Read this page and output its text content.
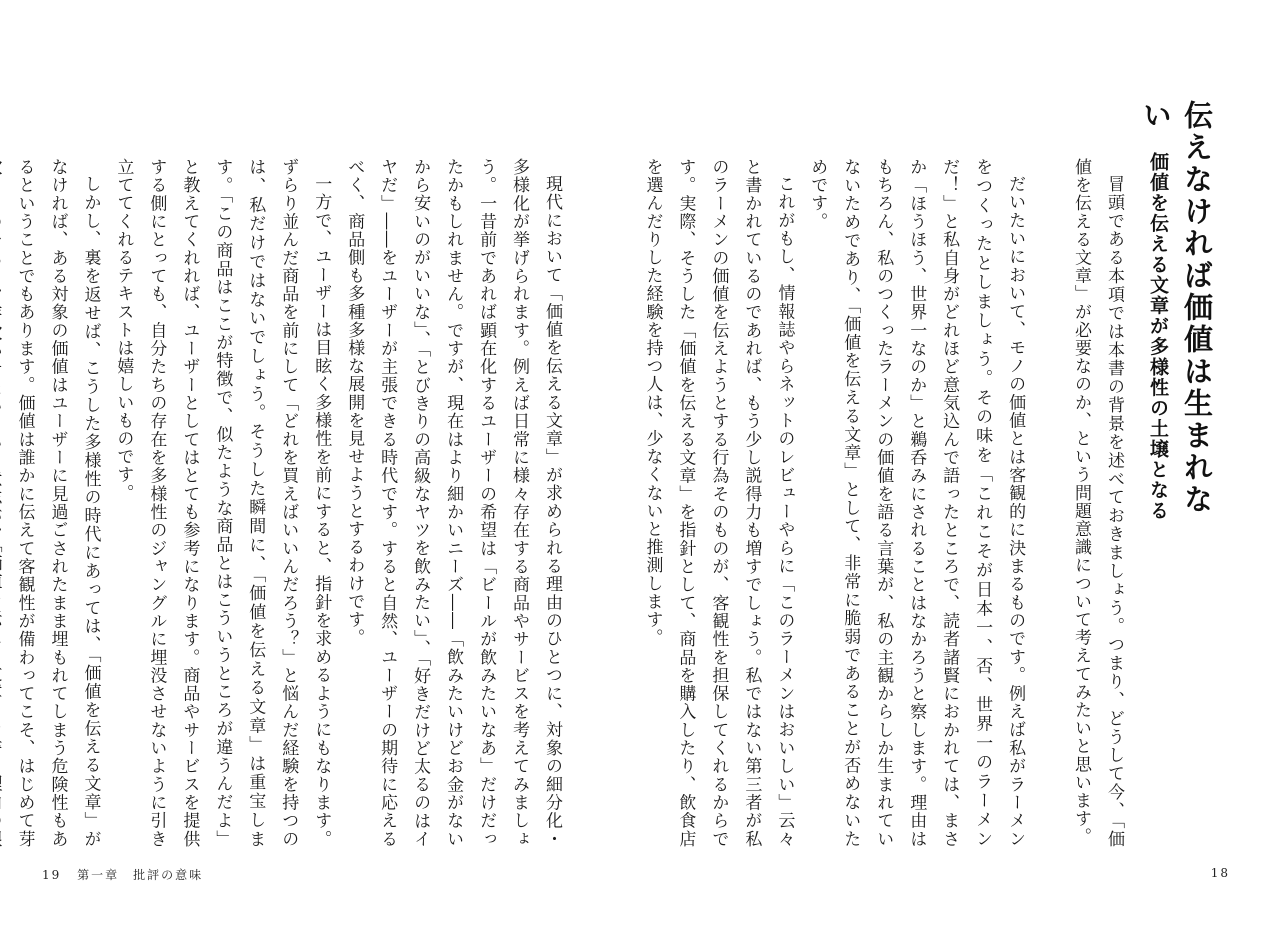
現代において「価値を伝える文章」が求められる理由のひとつに、対象の細分化・多様化が挙げられます。例えば日常に様々存在する商品やサービスを考えてみましょう。一昔前であれば顕在化するユーザーの希望は「ビールが飲みたいなあ」だけだったかもしれません。ですが、現在はより細かいニーズ――「飲みたいけどお金がないから安いのがいいな」、「とびきりの高級なヤツを飲みたい」、「好きだけど太るのはイヤだ」――をユーザーが主張できる時代です。すると自然、ユーザーの期待に応えるべく、商品側も多種多様な展開を見せようとするわけです。

一方で、ユーザーは目眩く多様性を前にすると、指針を求めるようにもなります。ずらり並んだ商品を前にして「どれを買えばいいんだろう？」と悩んだ経験を持つのは、私だけではないでしょう。そうした瞬間に、「価値を伝える文章」は重宝します。「この商品はここが特徴で、似たような商品とはこういうところが違うんだよ」と教えてくれれば、ユーザーとしてはとても参考になります。商品やサービスを提供する側にとっても、自分たちの存在を多様性のジャングルに埋没させないように引き立ててくれるテキストは嬉しいものです。

しかし、裏を返せば、こうした多様性の時代にあっては、「価値を伝える文章」がなければ、ある対象の価値はユーザーに見過ごされたまま埋もれてしまう危険性もあるということでもあります。価値は誰かに伝えて客観性が備わってこそ、はじめて芽

19 第一章　批評の意味
伝えなければ価値は生まれない
価値を伝える文章が多様性の土壌となる

冒頭である本項では本書の背景を述べておきましょう。つまり、どうして今、「価値を伝える文章」が必要なのか、という問題意識について考えてみたいと思います。

だいたいにおいて、モノの価値とは客観的に決まるものです。例えば私がラーメンをつくったとしましょう。その味を「これこそが日本一、否、世界一のラーメンだ！」と私自身がどれほど意気込んで語ったところで、読者諸賢におかれては、まさか「ほうほう、世界一なのか」と鵜呑みにされることはなかろうと察します。理由はもちろん、私のつくったラーメンの価値を語る言葉が、私の主観からしか生まれていないためであり、「価値を伝える文章」として、非常に脆弱であることが否めないためです。

これがもし、情報誌やらネットのレビューやらに「このラーメンはおいしい」云々と書かれているのであれば、もう少し説得力も増すでしょう。私ではない第三者が私のラーメンの価値を伝えようとする行為そのものが、客観性を担保してくれるからです。実際、そうした「価値を伝える文章」を指針として、商品を購入したり、飲食店を選んだりした経験を持つ人は、少なくないと推測します。

18
